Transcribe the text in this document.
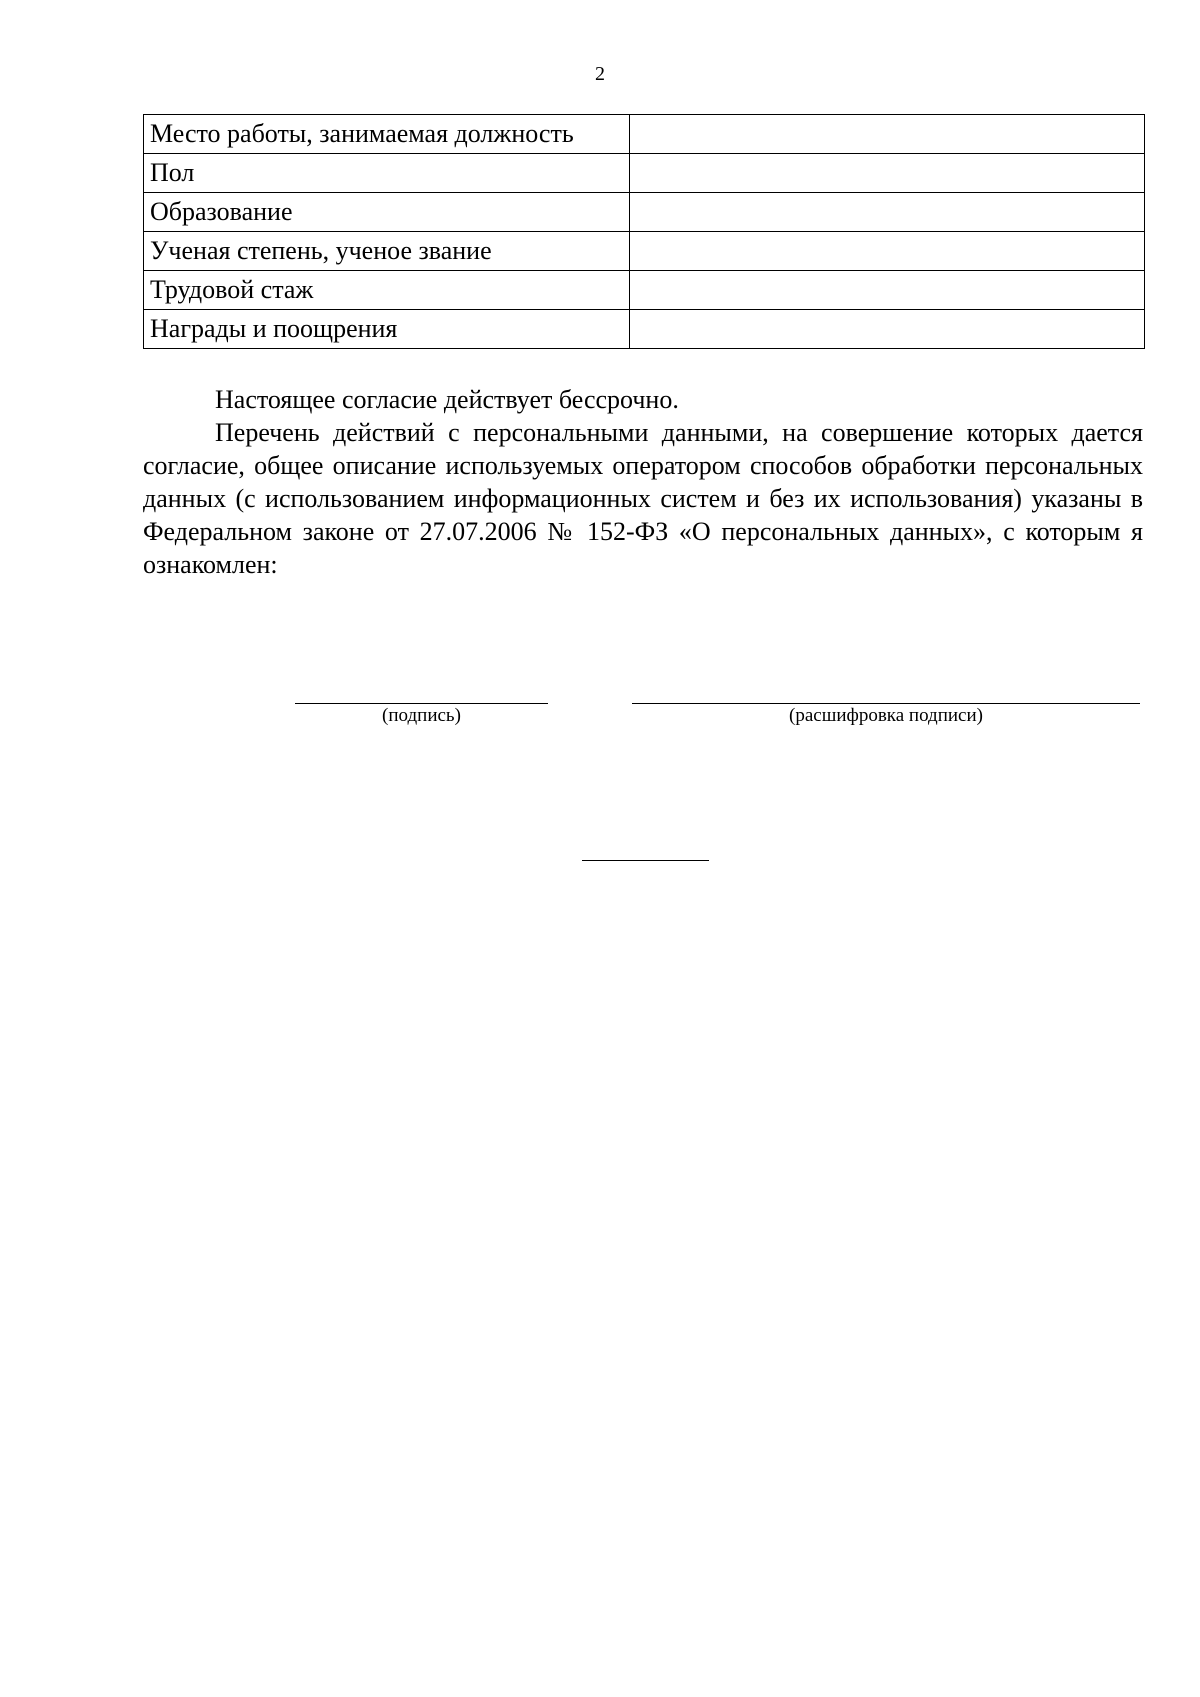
2
Место работы, занимаемая должность	
Пол	
Образование	
Ученая степень, ученое звание	
Трудовой стаж	
Награды и поощрения	

Настоящее согласие действует бессрочно.

Перечень действий с персональными данными, на совершение которых дается согласие, общее описание используемых оператором способов обработки персональных данных (с использованием информационных систем и без их использования) указаны в Федеральном законе от 27.07.2006 № 152-ФЗ «О персональных данных», с которым я ознакомлен:

(подпись)	(расшифровка подписи)
